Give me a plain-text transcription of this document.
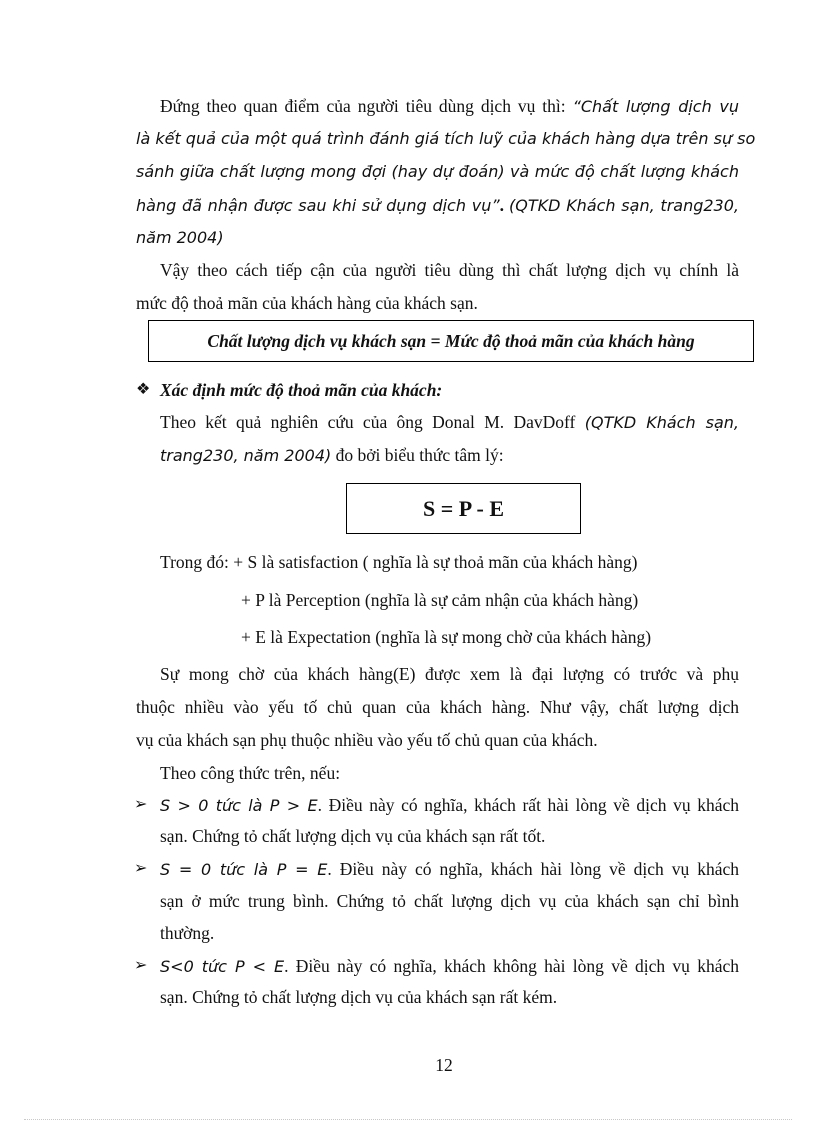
Đứng theo quan điểm của người tiêu dùng dịch vụ thì: “Chất lượng dịch vụ
là kết quả của một quá trình đánh giá tích luỹ của khách hàng dựa trên sự so
sánh giữa chất lượng mong đợi (hay dự đoán) và mức độ chất lượng khách
hàng đã nhận được sau khi sử dụng dịch vụ”. (QTKD Khách sạn, trang230,
năm 2004)
Vậy theo cách tiếp cận của người tiêu dùng thì chất lượng dịch vụ chính là
mức độ thoả mãn của khách hàng của khách sạn.
Chất lượng dịch vụ khách sạn = Mức độ thoả mãn của khách hàng
❖ Xác định mức độ thoả mãn của khách:
Theo kết quả nghiên cứu của ông Donal M. DavDoff (QTKD Khách sạn,
trang230, năm 2004) đo bởi biểu thức tâm lý:
S = P - E
Trong đó: + S là satisfaction ( nghĩa là sự thoả mãn của khách hàng)
+ P là Perception (nghĩa là sự cảm nhận của khách hàng)
+ E là Expectation (nghĩa là sự mong chờ của khách hàng)
Sự mong chờ của khách hàng(E) được xem là đại lượng có trước và phụ
thuộc nhiều vào yếu tố chủ quan của khách hàng. Như vậy, chất lượng dịch
vụ của khách sạn phụ thuộc nhiều vào yếu tố chủ quan của khách.
Theo công thức trên, nếu:
➢ S > 0 tức là P > E. Điều này có nghĩa, khách rất hài lòng về dịch vụ khách
sạn. Chứng tỏ chất lượng dịch vụ của khách sạn rất tốt.
➢ S = 0 tức là P = E. Điều này có nghĩa, khách hài lòng về dịch vụ khách
sạn ở mức trung bình. Chứng tỏ chất lượng dịch vụ của khách sạn chỉ bình
thường.
➢ S<0 tức P < E. Điều này có nghĩa, khách không hài lòng về dịch vụ khách
sạn. Chứng tỏ chất lượng dịch vụ của khách sạn rất kém.
12
